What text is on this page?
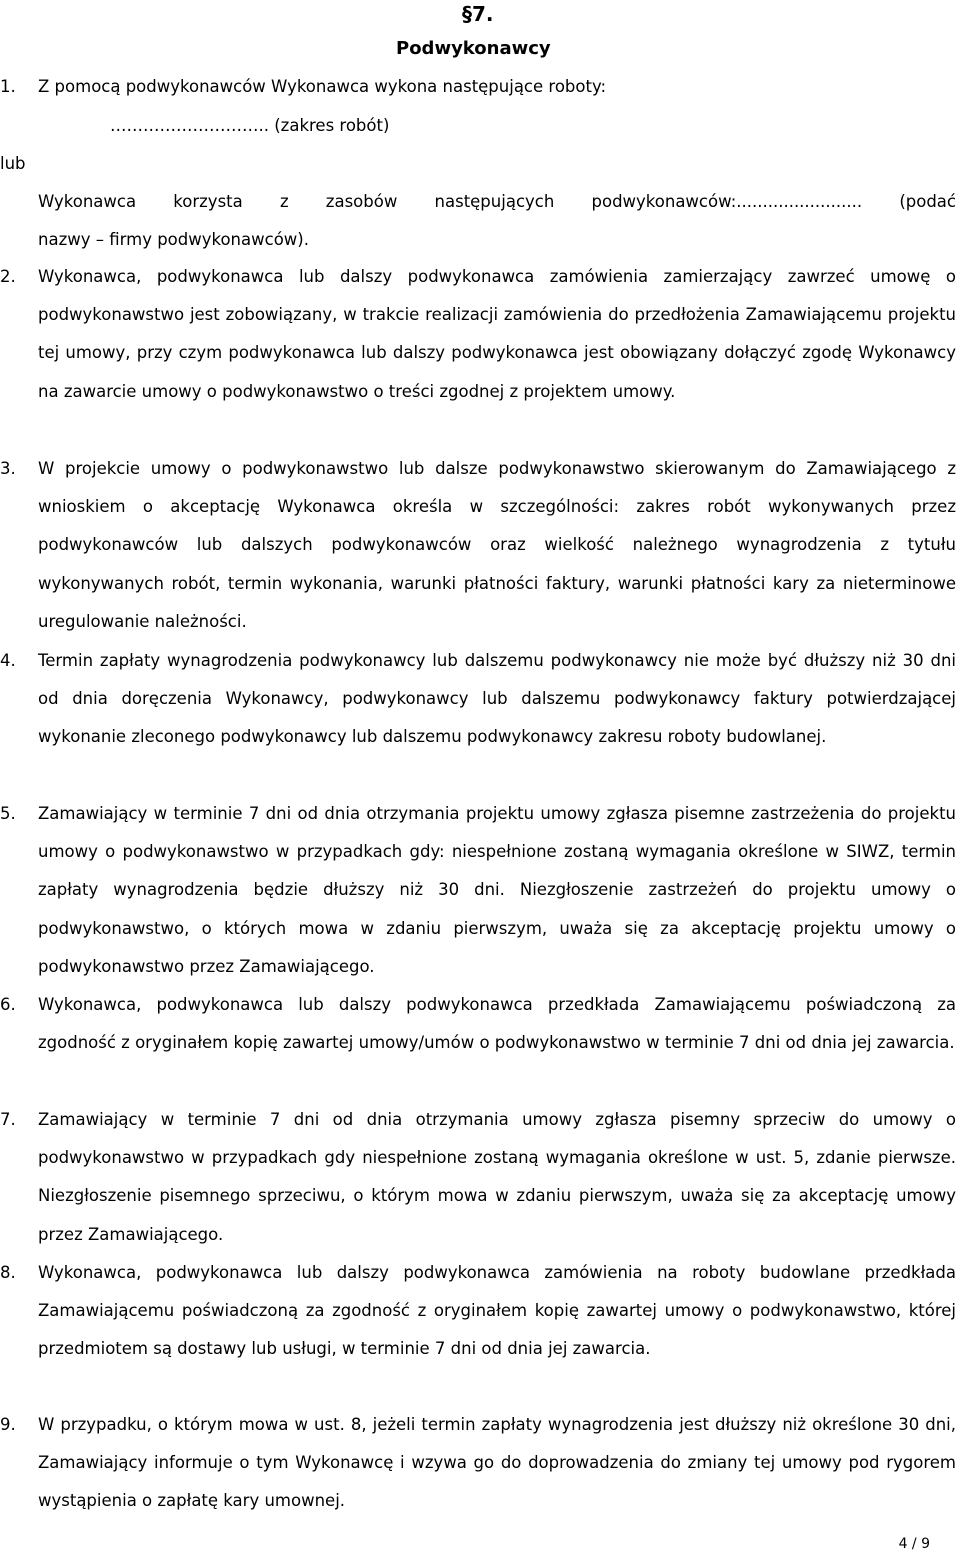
§7.

Podwykonawcy

1. Z pomocą podwykonawców Wykonawca wykona następujące roboty:

……………………….. (zakres robót)

lub

Wykonawca korzysta z zasobów następujących podwykonawców:........................ (podać

nazwy – firmy podwykonawców).

2. Wykonawca, podwykonawca lub dalszy podwykonawca zamówienia zamierzający zawrzeć umowę o podwykonawstwo jest zobowiązany, w trakcie realizacji zamówienia do przedłożenia Zamawiającemu projektu tej umowy, przy czym podwykonawca lub dalszy podwykonawca jest obowiązany dołączyć zgodę Wykonawcy na zawarcie umowy o podwykonawstwo o treści zgodnej z projektem umowy.

3. W projekcie umowy o podwykonawstwo lub dalsze podwykonawstwo skierowanym do Zamawiającego z wnioskiem o akceptację Wykonawca określa w szczególności: zakres robót wykonywanych przez podwykonawców lub dalszych podwykonawców oraz wielkość należnego wynagrodzenia z tytułu wykonywanych robót, termin wykonania, warunki płatności faktury, warunki płatności kary za nieterminowe uregulowanie należności.

4. Termin zapłaty wynagrodzenia podwykonawcy lub dalszemu podwykonawcy nie może być dłuższy niż 30 dni od dnia doręczenia Wykonawcy, podwykonawcy lub dalszemu podwykonawcy faktury potwierdzającej wykonanie zleconego podwykonawcy lub dalszemu podwykonawcy zakresu roboty budowlanej.

5. Zamawiający w terminie 7 dni od dnia otrzymania projektu umowy zgłasza pisemne zastrzeżenia do projektu umowy o podwykonawstwo w przypadkach gdy: niespełnione zostaną wymagania określone w SIWZ, termin zapłaty wynagrodzenia będzie dłuższy niż 30 dni. Niezgłoszenie zastrzeżeń do projektu umowy o podwykonawstwo, o których mowa w zdaniu pierwszym, uważa się za akceptację projektu umowy o podwykonawstwo przez Zamawiającego.

6. Wykonawca, podwykonawca lub dalszy podwykonawca przedkłada Zamawiającemu poświadczoną za zgodność z oryginałem kopię zawartej umowy/umów o podwykonawstwo w terminie 7 dni od dnia jej zawarcia.

7. Zamawiający w terminie 7 dni od dnia otrzymania umowy zgłasza pisemny sprzeciw do umowy o podwykonawstwo w przypadkach gdy niespełnione zostaną wymagania określone w ust. 5, zdanie pierwsze. Niezgłoszenie pisemnego sprzeciwu, o którym mowa w zdaniu pierwszym, uważa się za akceptację umowy przez Zamawiającego.

8. Wykonawca, podwykonawca lub dalszy podwykonawca zamówienia na roboty budowlane przedkłada Zamawiającemu poświadczoną za zgodność z oryginałem kopię zawartej umowy o podwykonawstwo, której przedmiotem są dostawy lub usługi, w terminie 7 dni od dnia jej zawarcia.

9. W przypadku, o którym mowa w ust. 8, jeżeli termin zapłaty wynagrodzenia jest dłuższy niż określone 30 dni, Zamawiający informuje o tym Wykonawcę i wzywa go do doprowadzenia do zmiany tej umowy pod rygorem wystąpienia o zapłatę kary umownej.

4 / 9
